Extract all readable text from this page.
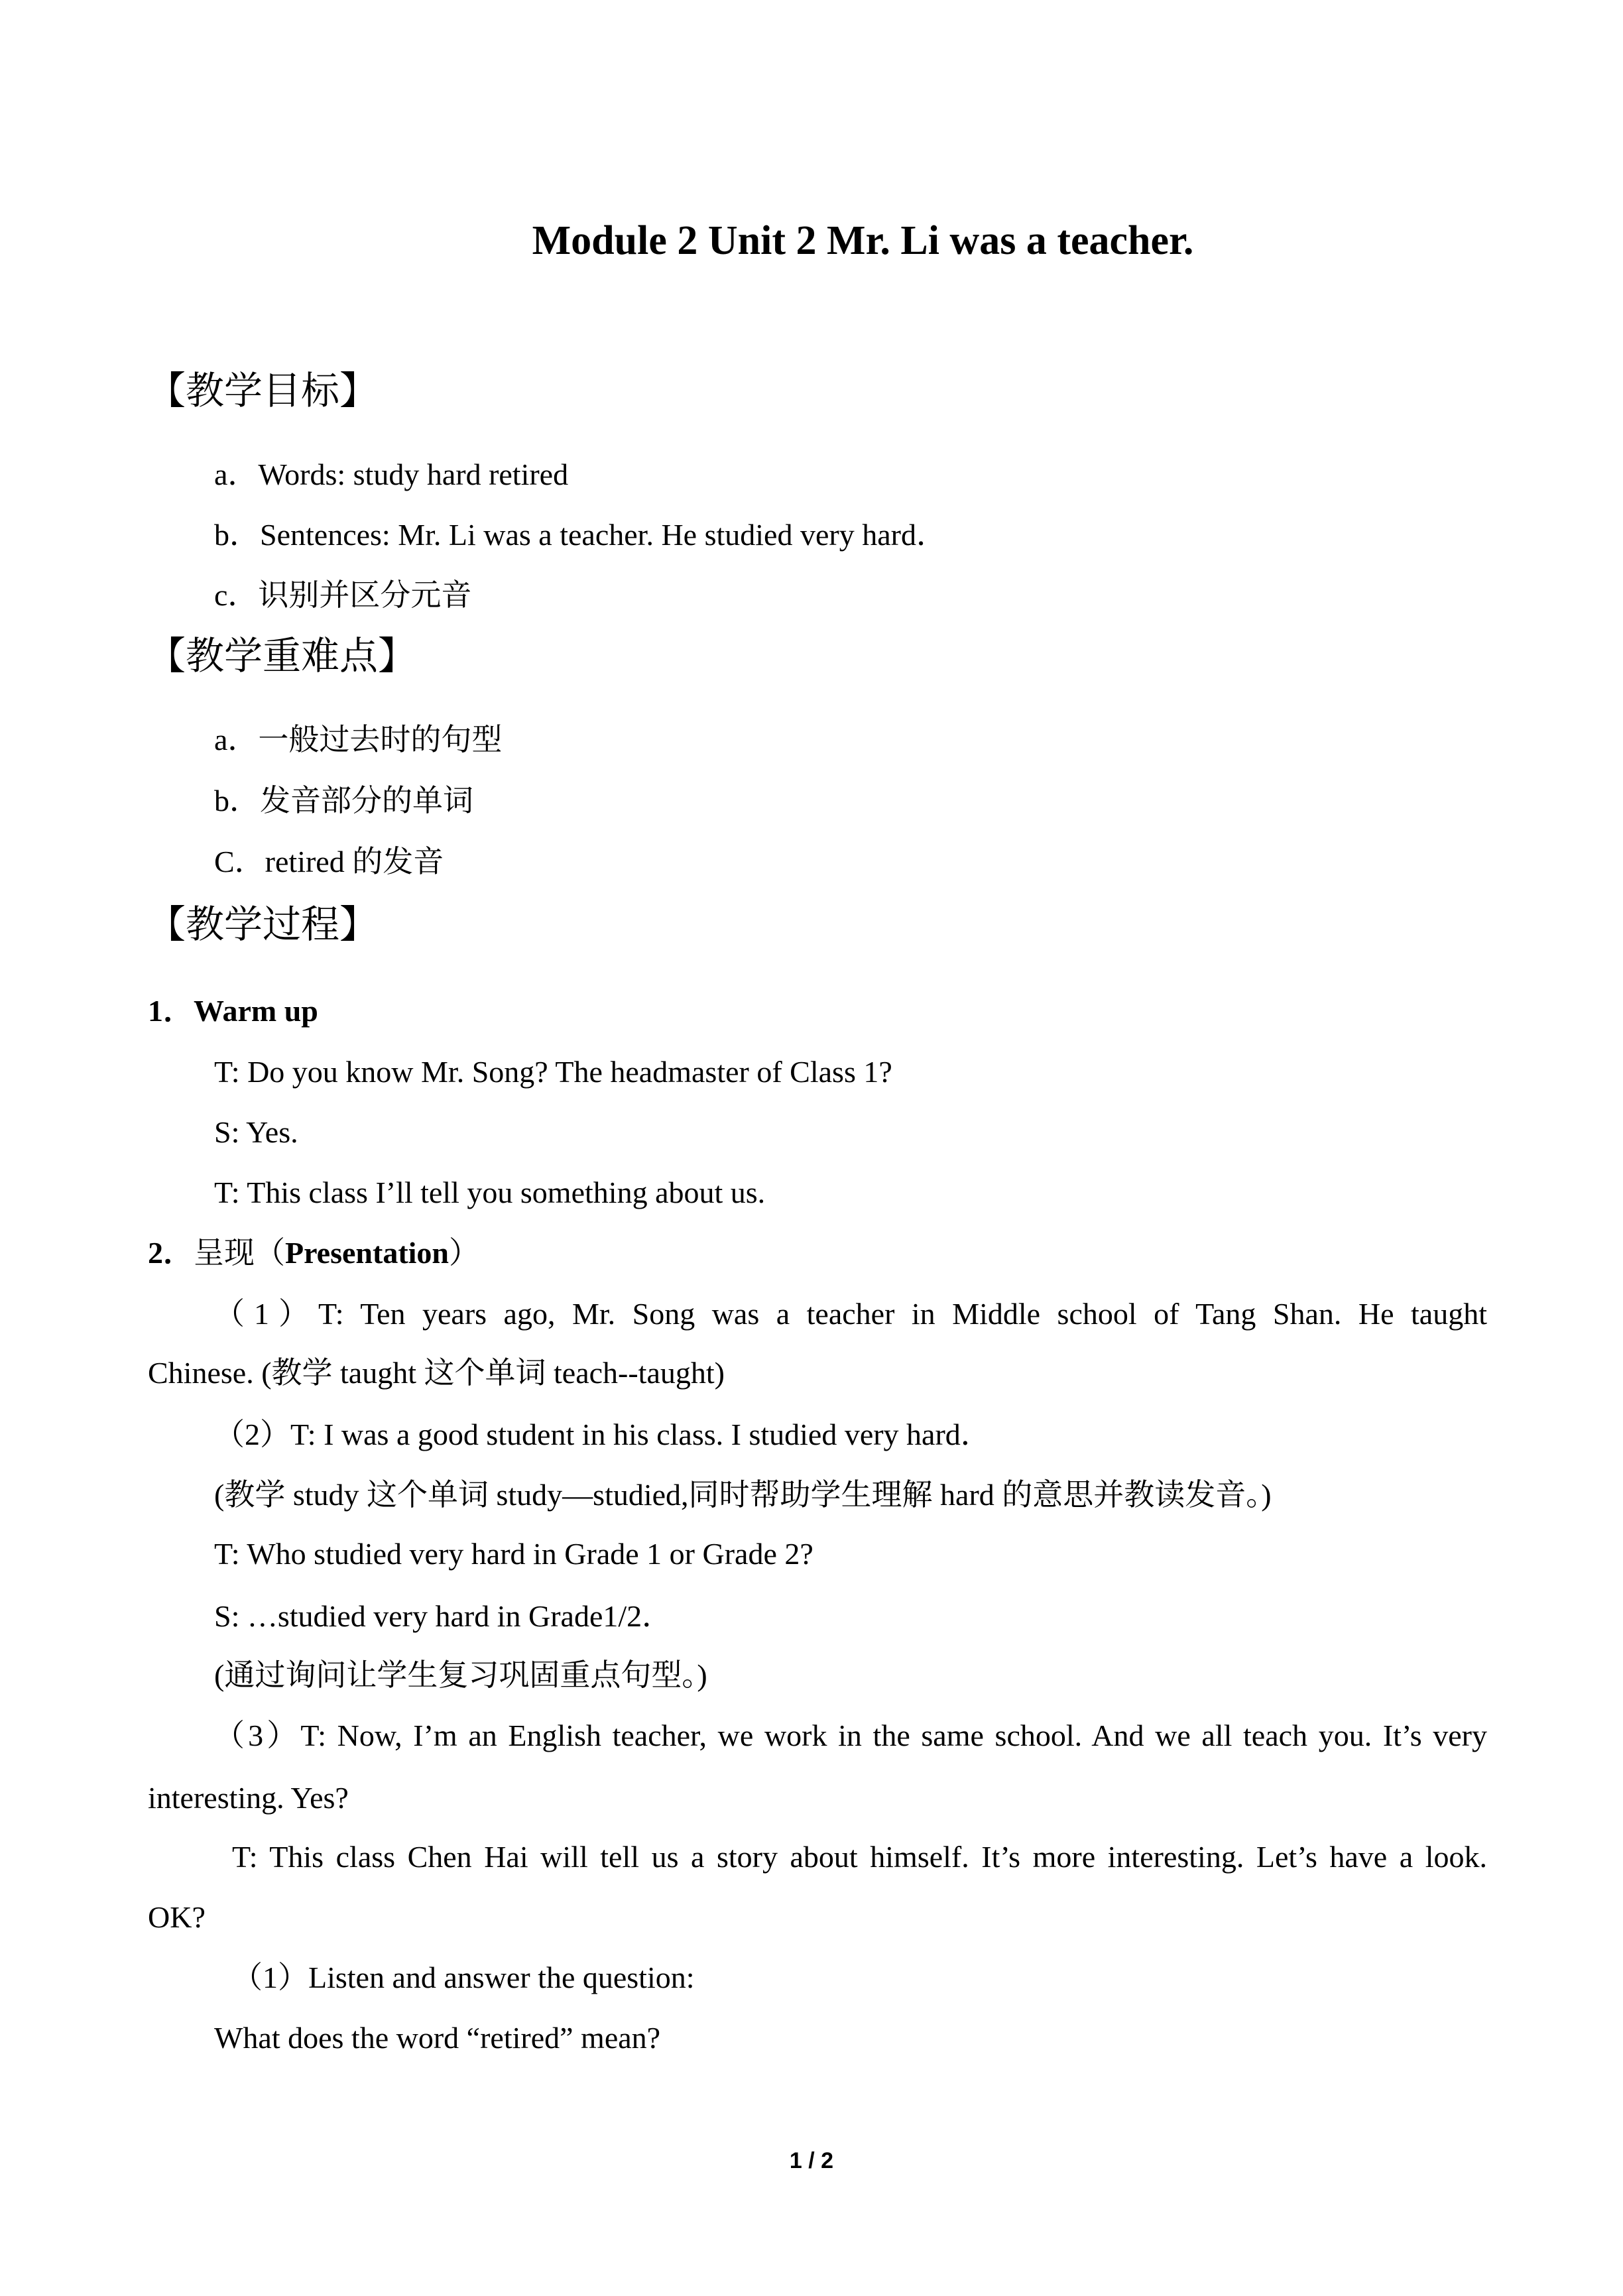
Module 2 Unit 2 Mr. Li was a teacher.
【教学目标】
a．Words: study hard retired
b．Sentences: Mr. Li was a teacher. He studied very hard．
c．识别并区分元音
【教学重难点】
a．一般过去时的句型
b．发音部分的单词
C．retired 的发音
【教学过程】
1．Warm up
T: Do you know Mr. Song? The headmaster of Class 1?
S: Yes.
T: This class I’ll tell you something about us.
2．呈现（Presentation）
（1）T: Ten years ago, Mr. Song was a teacher in Middle school of Tang Shan. He taught
Chinese. (教学 taught 这个单词 teach--taught)
（2）T: I was a good student in his class. I studied very hard．
(教学 study 这个单词 study—studied,同时帮助学生理解 hard 的意思并教读发音。)
T: Who studied very hard in Grade 1 or Grade 2?
S: …studied very hard in Grade1/2．
(通过询问让学生复习巩固重点句型。)
（3）T: Now, I’m an English teacher, we work in the same school. And we all teach you. It’s very
interesting. Yes?
T: This class Chen Hai will tell us a story about himself. It’s more interesting. Let’s have a look.
OK?
（1）Listen and answer the question:
What does the word “retired” mean?
1 / 2
